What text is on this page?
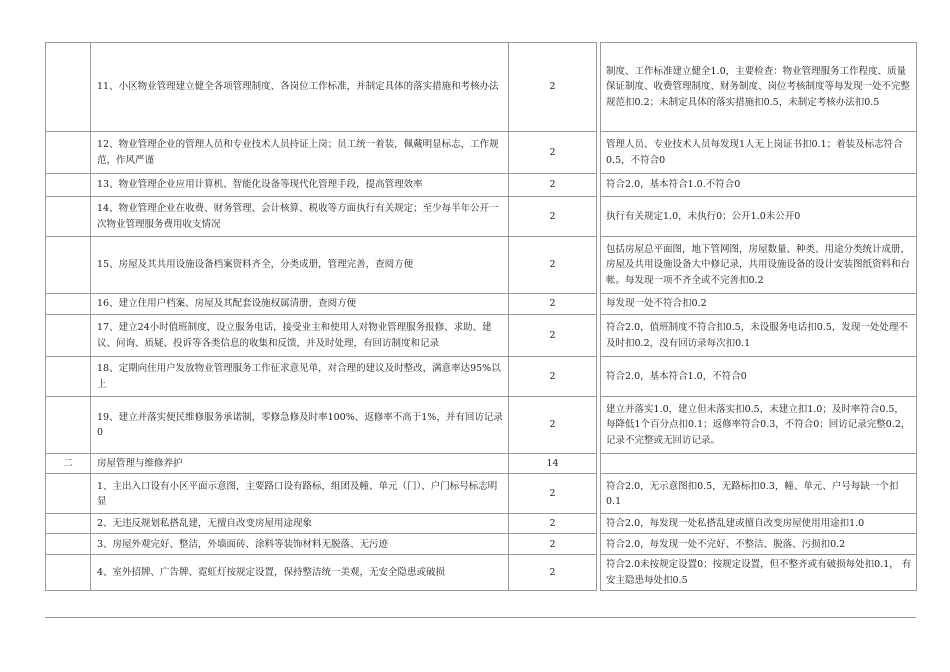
	11、小区物业管理建立健全各项管理制度、各岗位工作标准，并制定具体的落实措施和考核办法	2		制度、工作标准建立健全1.0，主要检查：物业管理服务工作程度、质量保证制度、收费管理制度、财务制度、岗位考核制度等每发现一处不完整规范扣0.2；未制定具体的落实措施扣0.5，未制定考核办法扣0.5
	12、物业管理企业的管理人员和专业技术人员持证上岗；员工统一着装，佩戴明显标志，工作规范，作风严谨	2		管理人员、专业技术人员每发现1人无上岗证书扣0.1；着装及标志符合0.5，不符合0
	13、物业管理企业应用计算机、智能化设备等现代化管理手段，提高管理效率	2		符合2.0，基本符合1.0.不符合0
	14、物业管理企业在收费、财务管理、会计核算、税收等方面执行有关规定；至少每半年公开一次物业管理服务费用收支情况	2		执行有关规定1.0，未执行0；公开1.0未公开0
	15、房屋及其共用设施设备档案资料齐全，分类成册，管理完善，查阅方便	2		包括房屋总平面图，地下管网图，房屋数量、种类、用途分类统计成册，房屋及共用设施设备大中修记录，共用设施设备的设计安装图纸资料和台帐。每发现一项不齐全或不完善扣0.2
	16、建立住用户档案、房屋及其配套设施权属清册，查阅方便	2		每发现一处不符合扣0.2
	17、建立24小时值班制度，设立服务电话，接受业主和使用人对物业管理服务报修、求助、建议、问询、质疑、投诉等各类信息的收集和反馈，并及时处理，有回访制度和记录	2		符合2.0，值班制度不符合扣0.5，未设服务电话扣0.5，发现一处处理不及时扣0.2，没有回访录每次扣0.1
	18、定期向住用户发放物业管理服务工作征求意见单，对合理的建议及时整改，满意率达95%以上	2		符合2.0，基本符合1.0，不符合0
	19、建立并落实便民维修服务承诺制，零修急修及时率100%、返修率不高于1%，并有回访记录0	2		建立并落实1.0，建立但未落实扣0.5，未建立扣1.0；及时率符合0.5，每降低1个百分点扣0.1；返修率符合0.3，不符合0；回访记录完整0.2，记录不完整或无回访记录。
二	房屋管理与维修养护	14		
	1、主出入口设有小区平面示意图，主要路口设有路标，组团及幢、单元（门）、户门标号标志明显	2		符合2.0，无示意图扣0.5，无路标扣0.3，幢、单元、户号每缺一个扣0.1
	2、无违反规划私搭乱建，无擅自改变房屋用途现象	2		符合2.0，每发现一处私搭乱建或擅自改变房屋使用用途扣1.0
	3、房屋外观完好、整洁，外墙面砖、涂料等装饰材料无脱落、无污迹	2		符合2.0，每发现一处不完好、不整洁、脱落、污损扣0.2
	4、室外招牌、广告牌、霓虹灯按规定设置，保持整洁统一美观，无安全隐患或破损	2		符合2.0未按规定设置0；按规定设置，但不整齐或有破损每处扣0.1， 有安主隐患每处扣0.5
